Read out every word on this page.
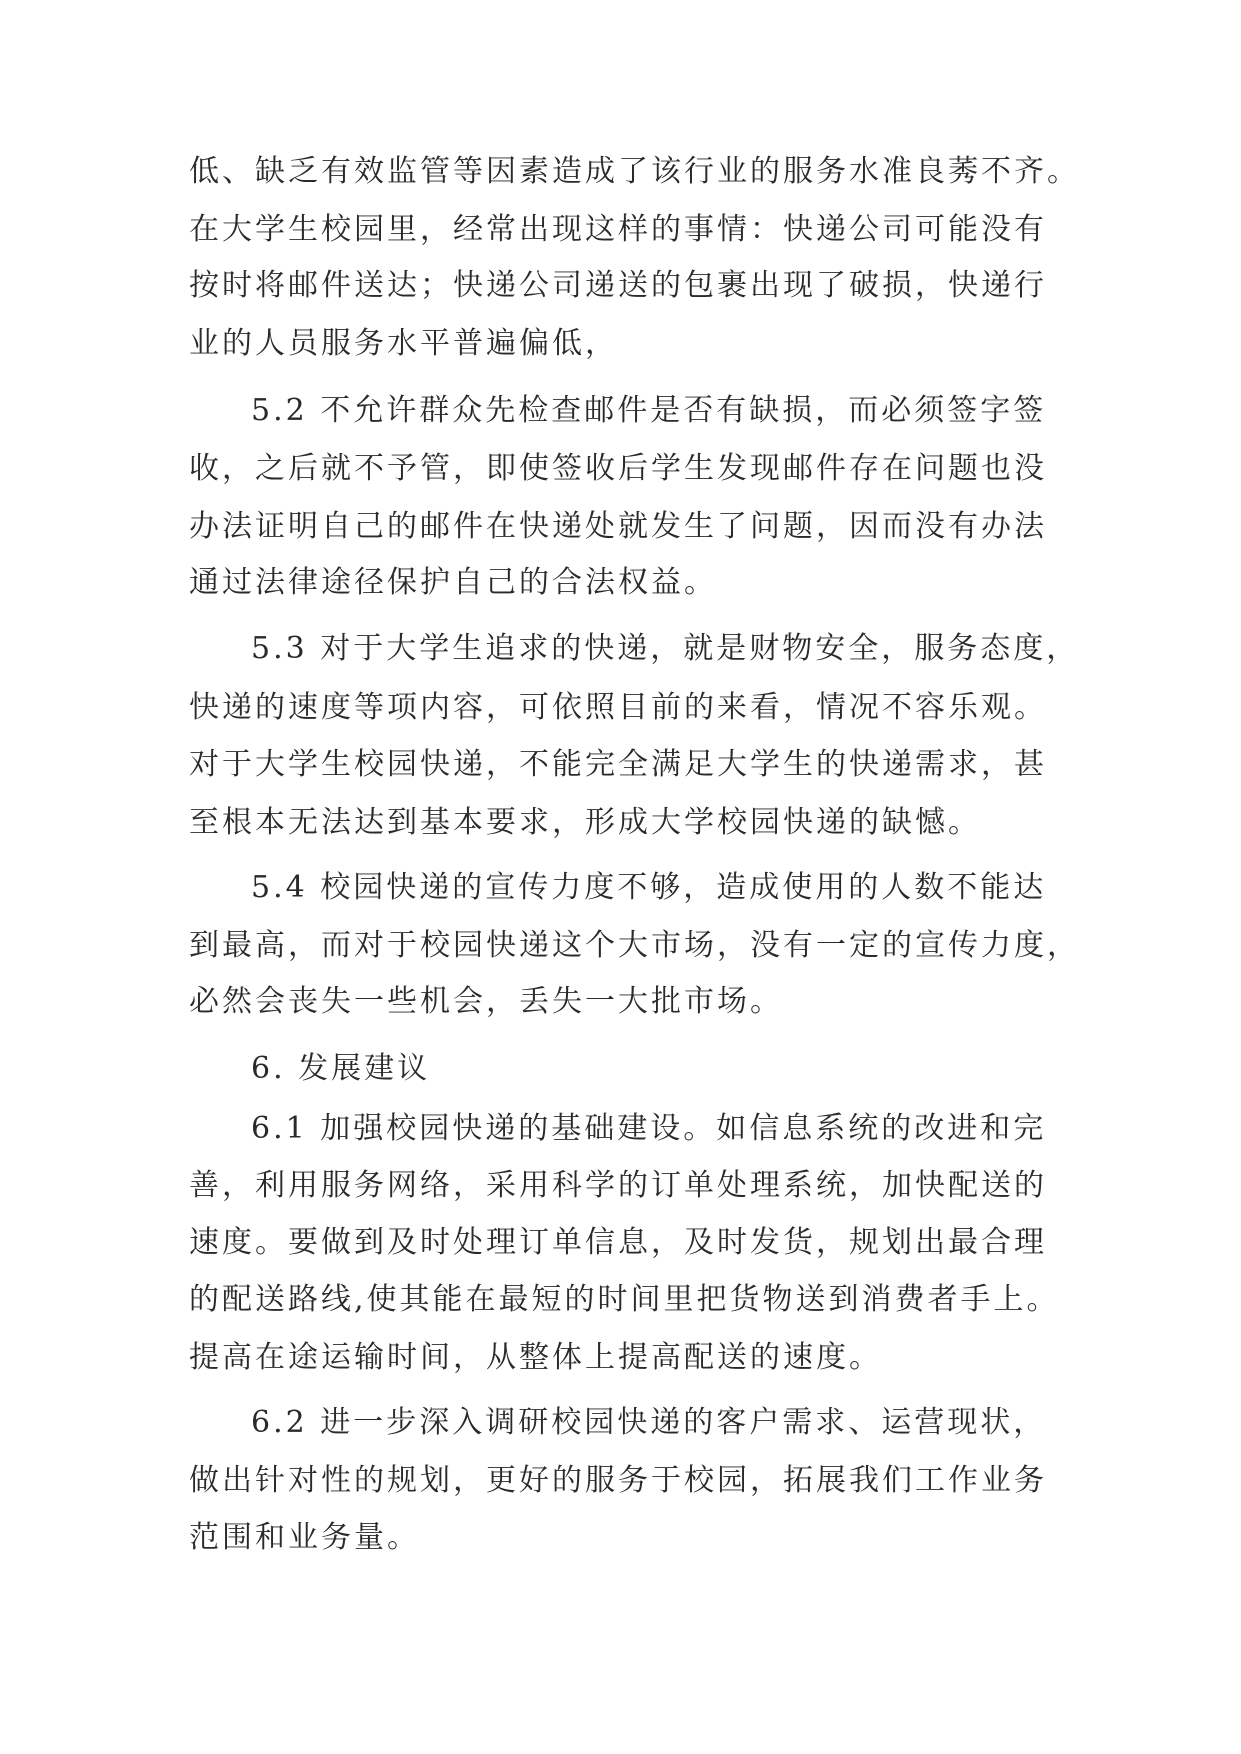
低、缺乏有效监管等因素造成了该行业的服务水准良莠不齐。
在大学生校园里，经常出现这样的事情：快递公司可能没有
按时将邮件送达；快递公司递送的包裹出现了破损，快递行
业的人员服务水平普遍偏低，
5.2 不允许群众先检查邮件是否有缺损，而必须签字签
收，之后就不予管，即使签收后学生发现邮件存在问题也没
办法证明自己的邮件在快递处就发生了问题，因而没有办法
通过法律途径保护自己的合法权益。
5.3 对于大学生追求的快递，就是财物安全，服务态度，
快递的速度等项内容，可依照目前的来看，情况不容乐观。
对于大学生校园快递，不能完全满足大学生的快递需求，甚
至根本无法达到基本要求，形成大学校园快递的缺憾。
5.4 校园快递的宣传力度不够，造成使用的人数不能达
到最高，而对于校园快递这个大市场，没有一定的宣传力度，
必然会丧失一些机会，丢失一大批市场。
6. 发展建议
6.1 加强校园快递的基础建设。如信息系统的改进和完
善，利用服务网络，采用科学的订单处理系统，加快配送的
速度。要做到及时处理订单信息，及时发货，规划出最合理
的配送路线,使其能在最短的时间里把货物送到消费者手上。
提高在途运输时间，从整体上提高配送的速度。
6.2 进一步深入调研校园快递的客户需求、运营现状，
做出针对性的规划，更好的服务于校园，拓展我们工作业务
范围和业务量。
